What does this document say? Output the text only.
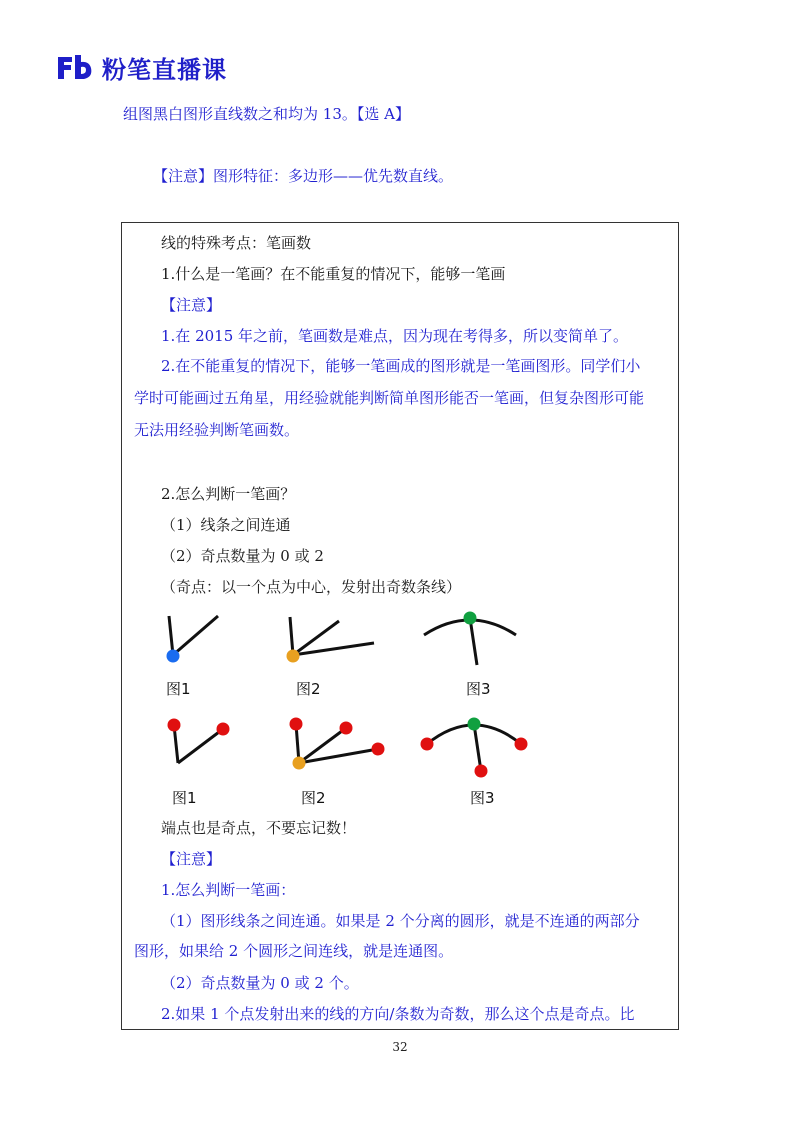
粉笔直播课
组图黑白图形直线数之和均为 13。【选 A】
【注意】图形特征：多边形——优先数直线。
线的特殊考点：笔画数
1.什么是一笔画？在不能重复的情况下，能够一笔画
【注意】
1.在 2015 年之前，笔画数是难点，因为现在考得多，所以变简单了。
2.在不能重复的情况下，能够一笔画成的图形就是一笔画图形。同学们小
学时可能画过五角星，用经验就能判断简单图形能否一笔画，但复杂图形可能
无法用经验判断笔画数。
2.怎么判断一笔画？
（1）线条之间连通
（2）奇点数量为 0 或 2
（奇点：以一个点为中心，发射出奇数条线）
图1	图2	图3
图1	图2	图3
端点也是奇点，不要忘记数！
【注意】
1.怎么判断一笔画：
（1）图形线条之间连通。如果是 2 个分离的圆形，就是不连通的两部分
图形，如果给 2 个圆形之间连线，就是连通图。
（2）奇点数量为 0 或 2 个。
2.如果 1 个点发射出来的线的方向/条数为奇数，那么这个点是奇点。比
32
